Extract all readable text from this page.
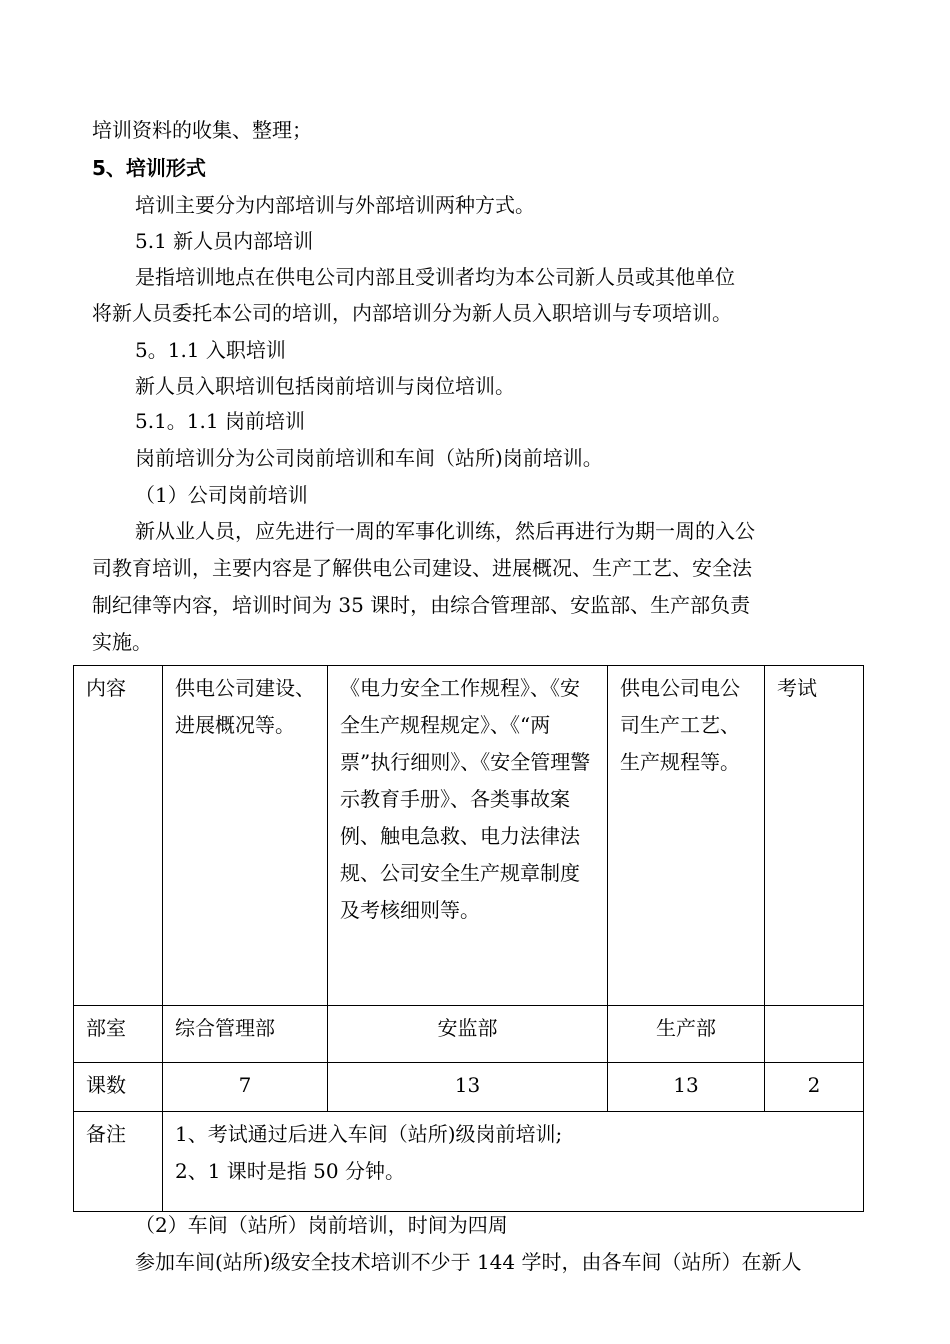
培训资料的收集、整理；
5、培训形式
培训主要分为内部培训与外部培训两种方式。
5.1 新人员内部培训
是指培训地点在供电公司内部且受训者均为本公司新人员或其他单位
将新人员委托本公司的培训，内部培训分为新人员入职培训与专项培训。
5。1.1 入职培训
新人员入职培训包括岗前培训与岗位培训。
5.1。1.1 岗前培训
岗前培训分为公司岗前培训和车间（站所)岗前培训。
（1）公司岗前培训
新从业人员，应先进行一周的军事化训练，然后再进行为期一周的入公
司教育培训，主要内容是了解供电公司建设、进展概况、生产工艺、安全法
制纪律等内容，培训时间为 35 课时，由综合管理部、安监部、生产部负责
实施。
内容	供电公司建设、进展概况等。	《电力安全工作规程》、《安全生产规程规定》、《“两票”执行细则》、《安全管理警示教育手册》、各类事故案例、触电急救、电力法律法规、公司安全生产规章制度及考核细则等。	供电公司电公司生产工艺、生产规程等。	考试
部室	综合管理部	安监部	生产部	
课数	7	13	13	2
备注	1、考试通过后进入车间（站所)级岗前培训;
2、1 课时是指 50 分钟。			
（2）车间（站所）岗前培训，时间为四周
参加车间(站所)级安全技术培训不少于 144 学时，由各车间（站所）在新人
